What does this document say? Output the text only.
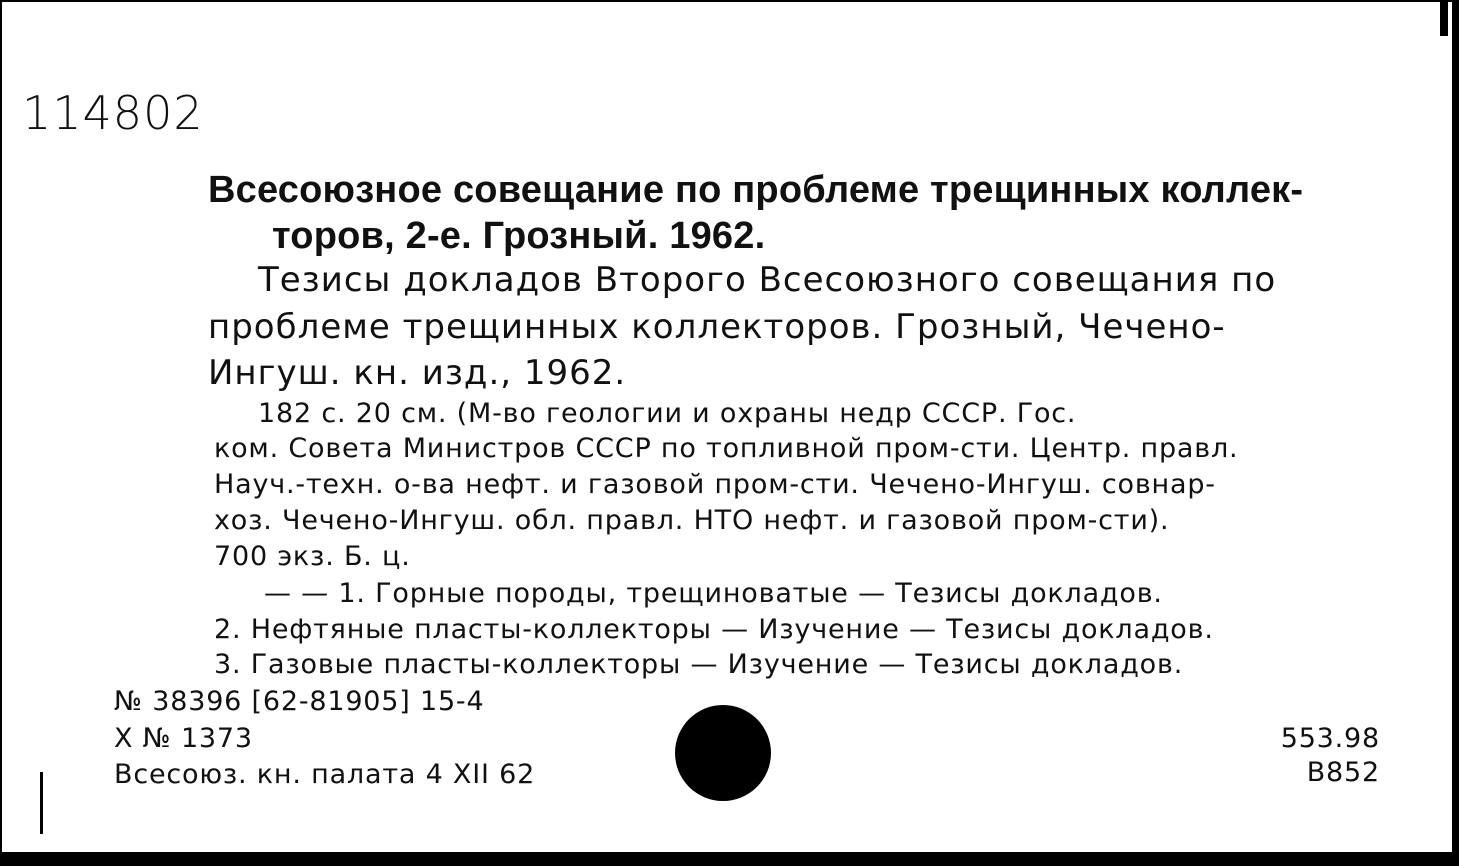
114802
Всесоюзное совещание по проблеме трещинных коллек-
торов, 2-е. Грозный. 1962.
Тезисы докладов Второго Всесоюзного совещания по
проблеме трещинных коллекторов. Грозный, Чечено-
Ингуш. кн. изд., 1962.
182 с. 20 см. (М-во геологии и охраны недр СССР. Гос.
ком. Совета Министров СССР по топливной пром-сти. Центр. правл.
Науч.-техн. о-ва нефт. и газовой пром-сти. Чечено-Ингуш. совнар-
хоз. Чечено-Ингуш. обл. правл. НТО нефт. и газовой пром-сти).
700 экз. Б. ц.
— — 1. Горные породы, трещиноватые — Тезисы докладов.
2. Нефтяные пласты-коллекторы — Изучение — Тезисы докладов.
3. Газовые пласты-коллекторы — Изучение — Тезисы докладов.
№ 38396 [62-81905] 15-4
Х № 1373
Всесоюз. кн. палата 4 XII 62
553.98
В852
